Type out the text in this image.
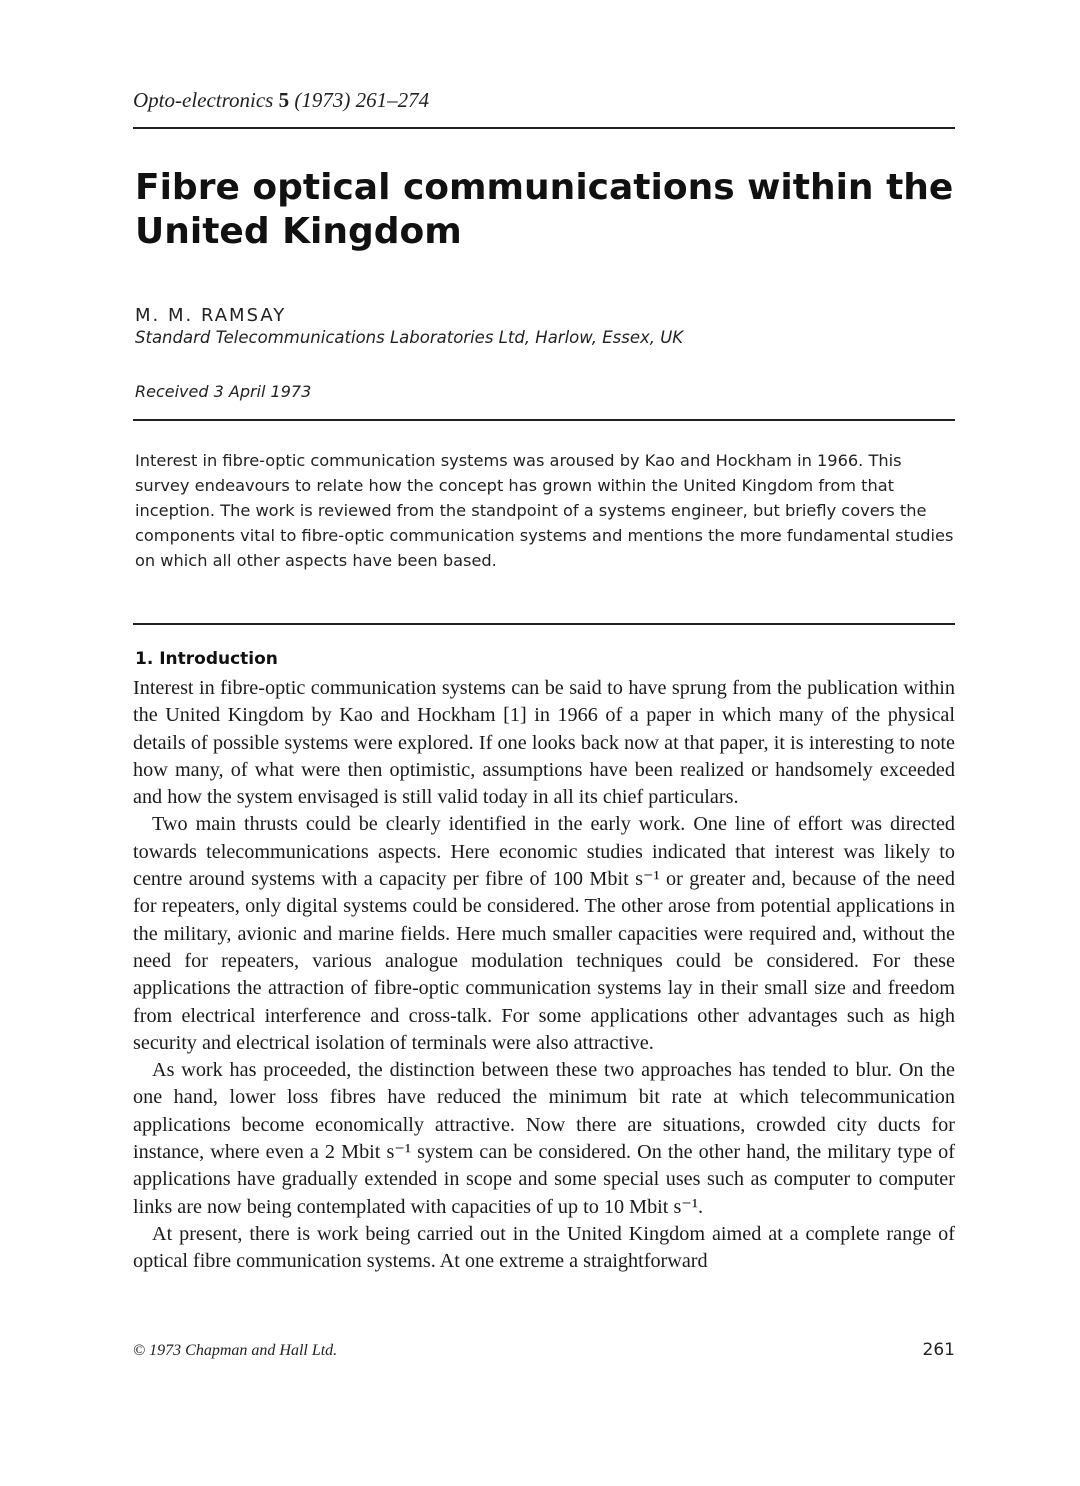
Opto-electronics 5 (1973) 261–274
Fibre optical communications within the United Kingdom
M. M. RAMSAY
Standard Telecommunications Laboratories Ltd, Harlow, Essex, UK
Received 3 April 1973

Interest in fibre-optic communication systems was aroused by Kao and Hockham in 1966. This survey endeavours to relate how the concept has grown within the United Kingdom from that inception. The work is reviewed from the standpoint of a systems engineer, but briefly covers the components vital to fibre-optic communication systems and mentions the more fundamental studies on which all other aspects have been based.

1. Introduction

Interest in fibre-optic communication systems can be said to have sprung from the publication within the United Kingdom by Kao and Hockham [1] in 1966 of a paper in which many of the physical details of possible systems were explored. If one looks back now at that paper, it is interesting to note how many, of what were then optimistic, assumptions have been realized or handsomely exceeded and how the system envisaged is still valid today in all its chief particulars.

Two main thrusts could be clearly identified in the early work. One line of effort was directed towards telecommunications aspects. Here economic studies indicated that interest was likely to centre around systems with a capacity per fibre of 100 Mbit s⁻¹ or greater and, because of the need for repeaters, only digital systems could be considered. The other arose from potential applications in the military, avionic and marine fields. Here much smaller capacities were required and, without the need for repeaters, various analogue modulation techniques could be considered. For these applications the attraction of fibre-optic communication systems lay in their small size and freedom from electrical interference and cross-talk. For some applications other advantages such as high security and electrical isolation of terminals were also attractive.

As work has proceeded, the distinction between these two approaches has tended to blur. On the one hand, lower loss fibres have reduced the minimum bit rate at which telecommunication applications become economically attractive. Now there are situations, crowded city ducts for instance, where even a 2 Mbit s⁻¹ system can be considered. On the other hand, the military type of applications have gradually extended in scope and some special uses such as computer to computer links are now being contemplated with capacities of up to 10 Mbit s⁻¹.

At present, there is work being carried out in the United Kingdom aimed at a complete range of optical fibre communication systems. At one extreme a straightforward

© 1973 Chapman and Hall Ltd.	261
